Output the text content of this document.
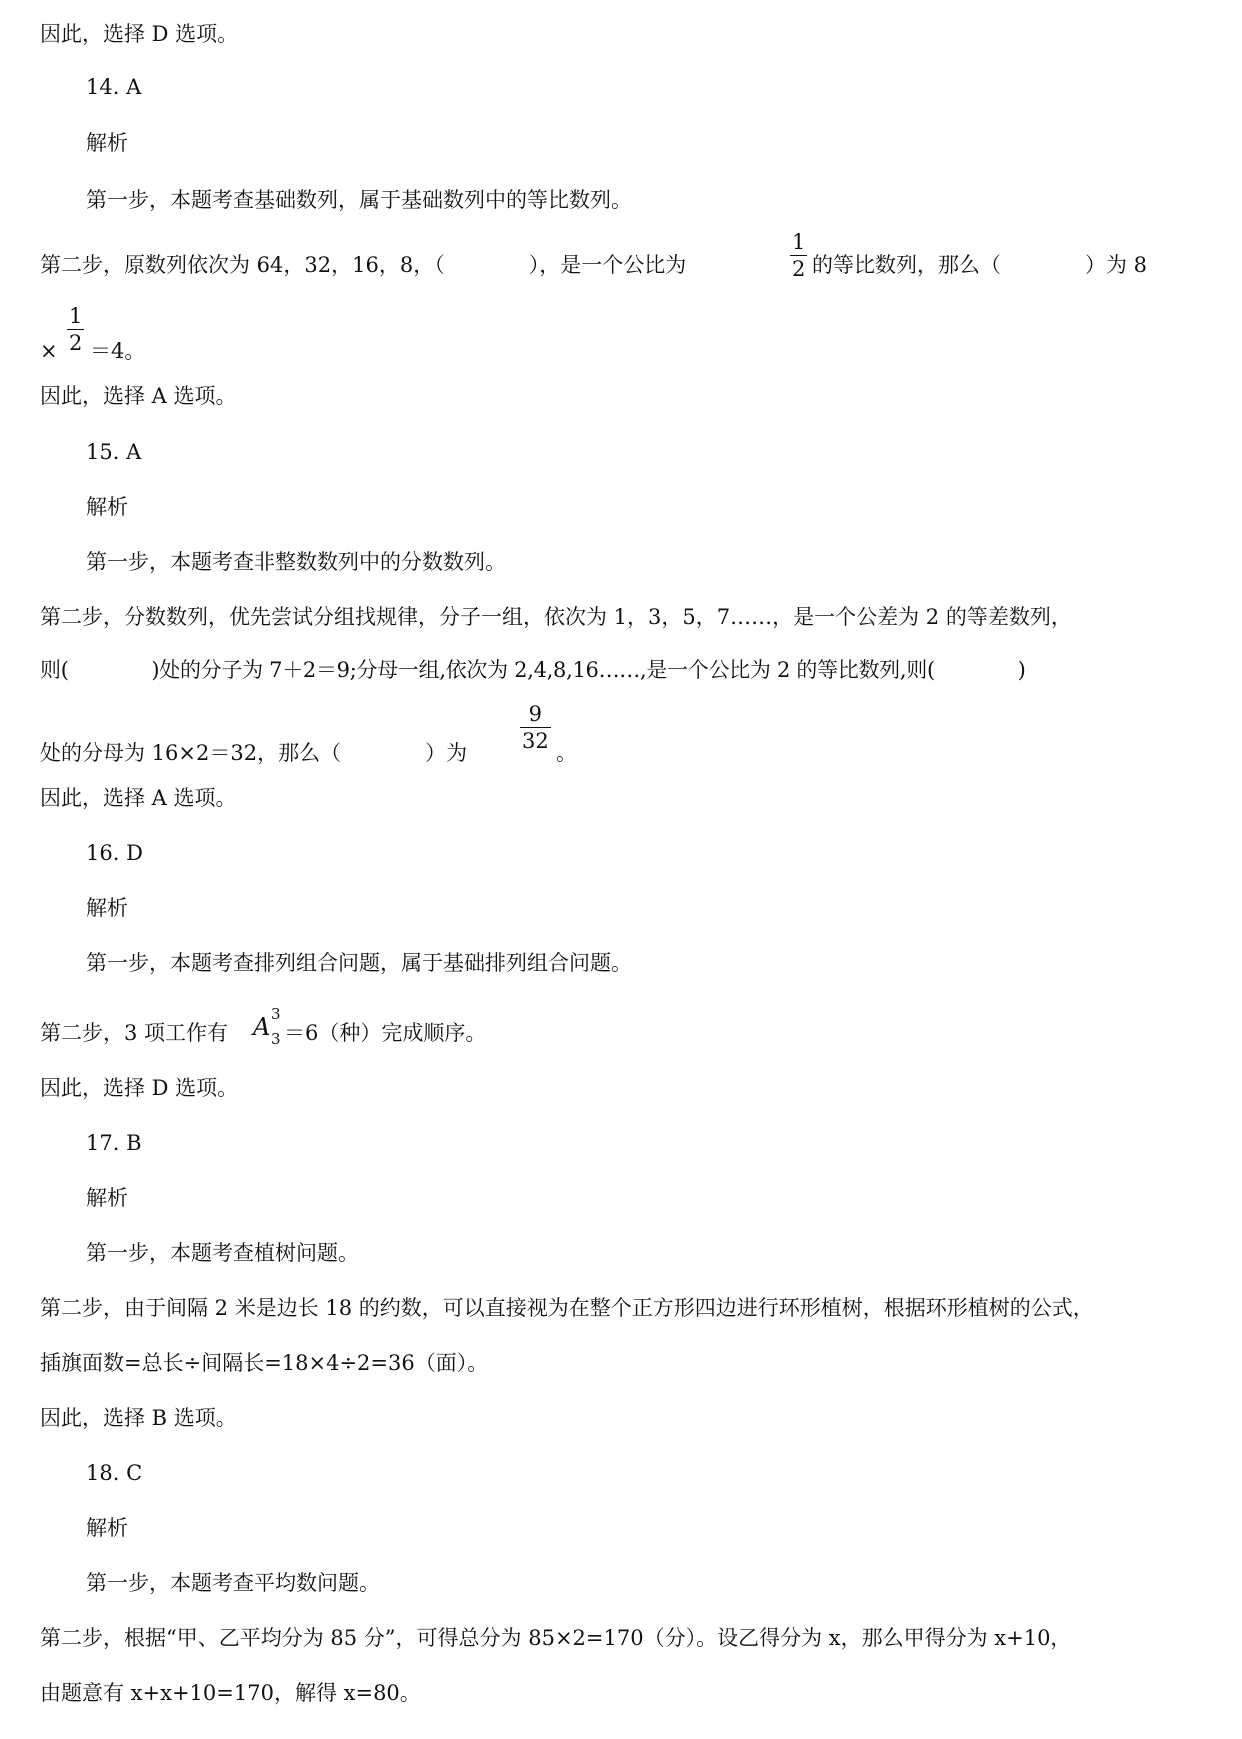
因此，选择 D 选项。
14. A
解析
第一步，本题考查基础数列，属于基础数列中的等比数列。
第二步，原数列依次为 64，32，16，8，（　　　　），是一个公比为
1
2 的等比数列，那么（　　　　）为 8
×
1
2 ＝4。
因此，选择 A 选项。
15. A
解析
第一步，本题考查非整数数列中的分数数列。
第二步，分数数列，优先尝试分组找规律，分子一组，依次为 1，3，5，7……，是一个公差为 2 的等差数列，
则(　　　　)处的分子为 7＋2＝9;分母一组,依次为 2,4,8,16……,是一个公比为 2 的等比数列,则(　　　　)
处的分母为 16×2＝32，那么（　　　　）为
9
32 。
因此，选择 A 选项。
16. D
解析
第一步，本题考查排列组合问题，属于基础排列组合问题。
第二步，3 项工作有 A 3
3 ＝6（种）完成顺序。
因此，选择 D 选项。
17. B
解析
第一步，本题考查植树问题。
第二步，由于间隔 2 米是边长 18 的约数，可以直接视为在整个正方形四边进行环形植树，根据环形植树的公式，
插旗面数=总长÷间隔长=18×4÷2=36（面）。
因此，选择 B 选项。
18. C
解析
第一步，本题考查平均数问题。
第二步，根据“甲、乙平均分为 85 分”，可得总分为 85×2=170（分）。设乙得分为 x，那么甲得分为 x+10，
由题意有 x+x+10=170，解得 x=80。
